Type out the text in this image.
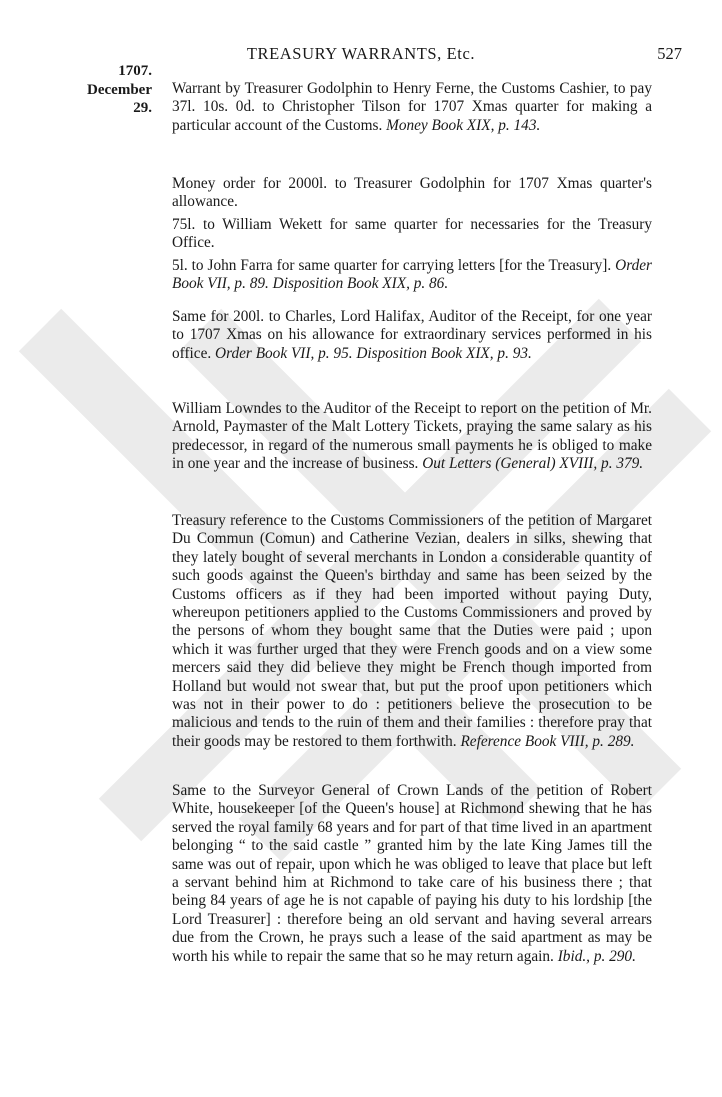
TREASURY WARRANTS, Etc.	527
1707.
December
29.

Warrant by Treasurer Godolphin to Henry Ferne, the Customs Cashier, to pay 37l. 10s. 0d. to Christopher Tilson for 1707 Xmas quarter for making a particular account of the Customs. Money Book XIX, p. 143.

Money order for 2000l. to Treasurer Godolphin for 1707 Xmas quarter's allowance.

75l. to William Wekett for same quarter for necessaries for the Treasury Office.

5l. to John Farra for same quarter for carrying letters [for the Treasury]. Order Book VII, p. 89. Disposition Book XIX, p. 86.

Same for 200l. to Charles, Lord Halifax, Auditor of the Receipt, for one year to 1707 Xmas on his allowance for extraordinary services performed in his office. Order Book VII, p. 95. Disposition Book XIX, p. 93.

William Lowndes to the Auditor of the Receipt to report on the petition of Mr. Arnold, Paymaster of the Malt Lottery Tickets, praying the same salary as his predecessor, in regard of the numerous small payments he is obliged to make in one year and the increase of business. Out Letters (General) XVIII, p. 379.

Treasury reference to the Customs Commissioners of the petition of Margaret Du Commun (Comun) and Catherine Vezian, dealers in silks, shewing that they lately bought of several merchants in London a considerable quantity of such goods against the Queen's birthday and same has been seized by the Customs officers as if they had been imported without paying Duty, whereupon petitioners applied to the Customs Commissioners and proved by the persons of whom they bought same that the Duties were paid ; upon which it was further urged that they were French goods and on a view some mercers said they did believe they might be French though imported from Holland but would not swear that, but put the proof upon petitioners which was not in their power to do : petitioners believe the prosecution to be malicious and tends to the ruin of them and their families : therefore pray that their goods may be restored to them forthwith. Reference Book VIII, p. 289.

Same to the Surveyor General of Crown Lands of the petition of Robert White, housekeeper [of the Queen's house] at Richmond shewing that he has served the royal family 68 years and for part of that time lived in an apartment belonging “ to the said castle ” granted him by the late King James till the same was out of repair, upon which he was obliged to leave that place but left a servant behind him at Richmond to take care of his business there ; that being 84 years of age he is not capable of paying his duty to his lordship [the Lord Treasurer] : therefore being an old servant and having several arrears due from the Crown, he prays such a lease of the said apartment as may be worth his while to repair the same that so he may return again. Ibid., p. 290.
